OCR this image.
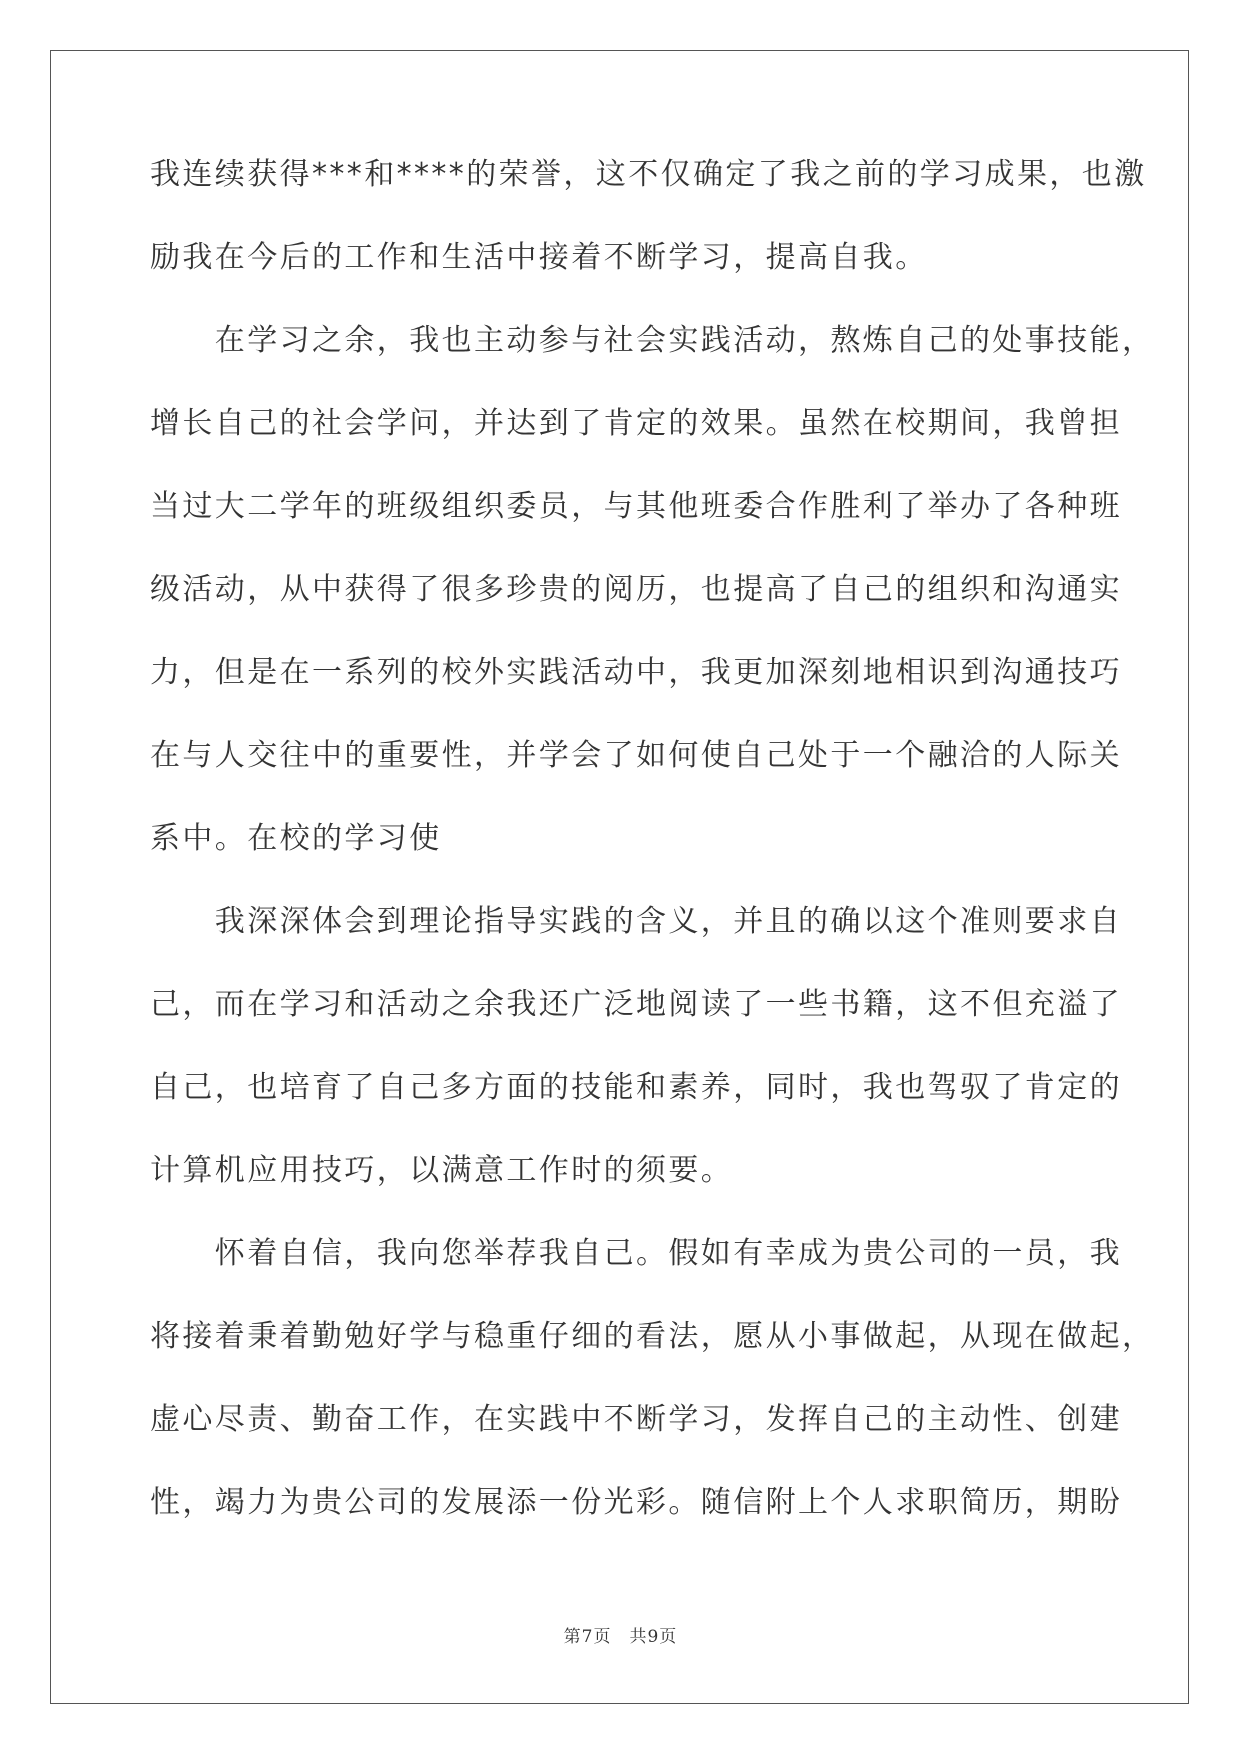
我连续获得***和****的荣誉，这不仅确定了我之前的学习成果，也激
励我在今后的工作和生活中接着不断学习，提高自我。
　　在学习之余，我也主动参与社会实践活动，熬炼自己的处事技能，
增长自己的社会学问，并达到了肯定的效果。虽然在校期间，我曾担
当过大二学年的班级组织委员，与其他班委合作胜利了举办了各种班
级活动，从中获得了很多珍贵的阅历，也提高了自己的组织和沟通实
力，但是在一系列的校外实践活动中，我更加深刻地相识到沟通技巧
在与人交往中的重要性，并学会了如何使自己处于一个融洽的人际关
系中。在校的学习使
　　我深深体会到理论指导实践的含义，并且的确以这个准则要求自
己，而在学习和活动之余我还广泛地阅读了一些书籍，这不但充溢了
自己，也培育了自己多方面的技能和素养，同时，我也驾驭了肯定的
计算机应用技巧，以满意工作时的须要。
　　怀着自信，我向您举荐我自己。假如有幸成为贵公司的一员，我
将接着秉着勤勉好学与稳重仔细的看法，愿从小事做起，从现在做起，
虚心尽责、勤奋工作，在实践中不断学习，发挥自己的主动性、创建
性，竭力为贵公司的发展添一份光彩。随信附上个人求职简历，期盼
第7页　共9页
